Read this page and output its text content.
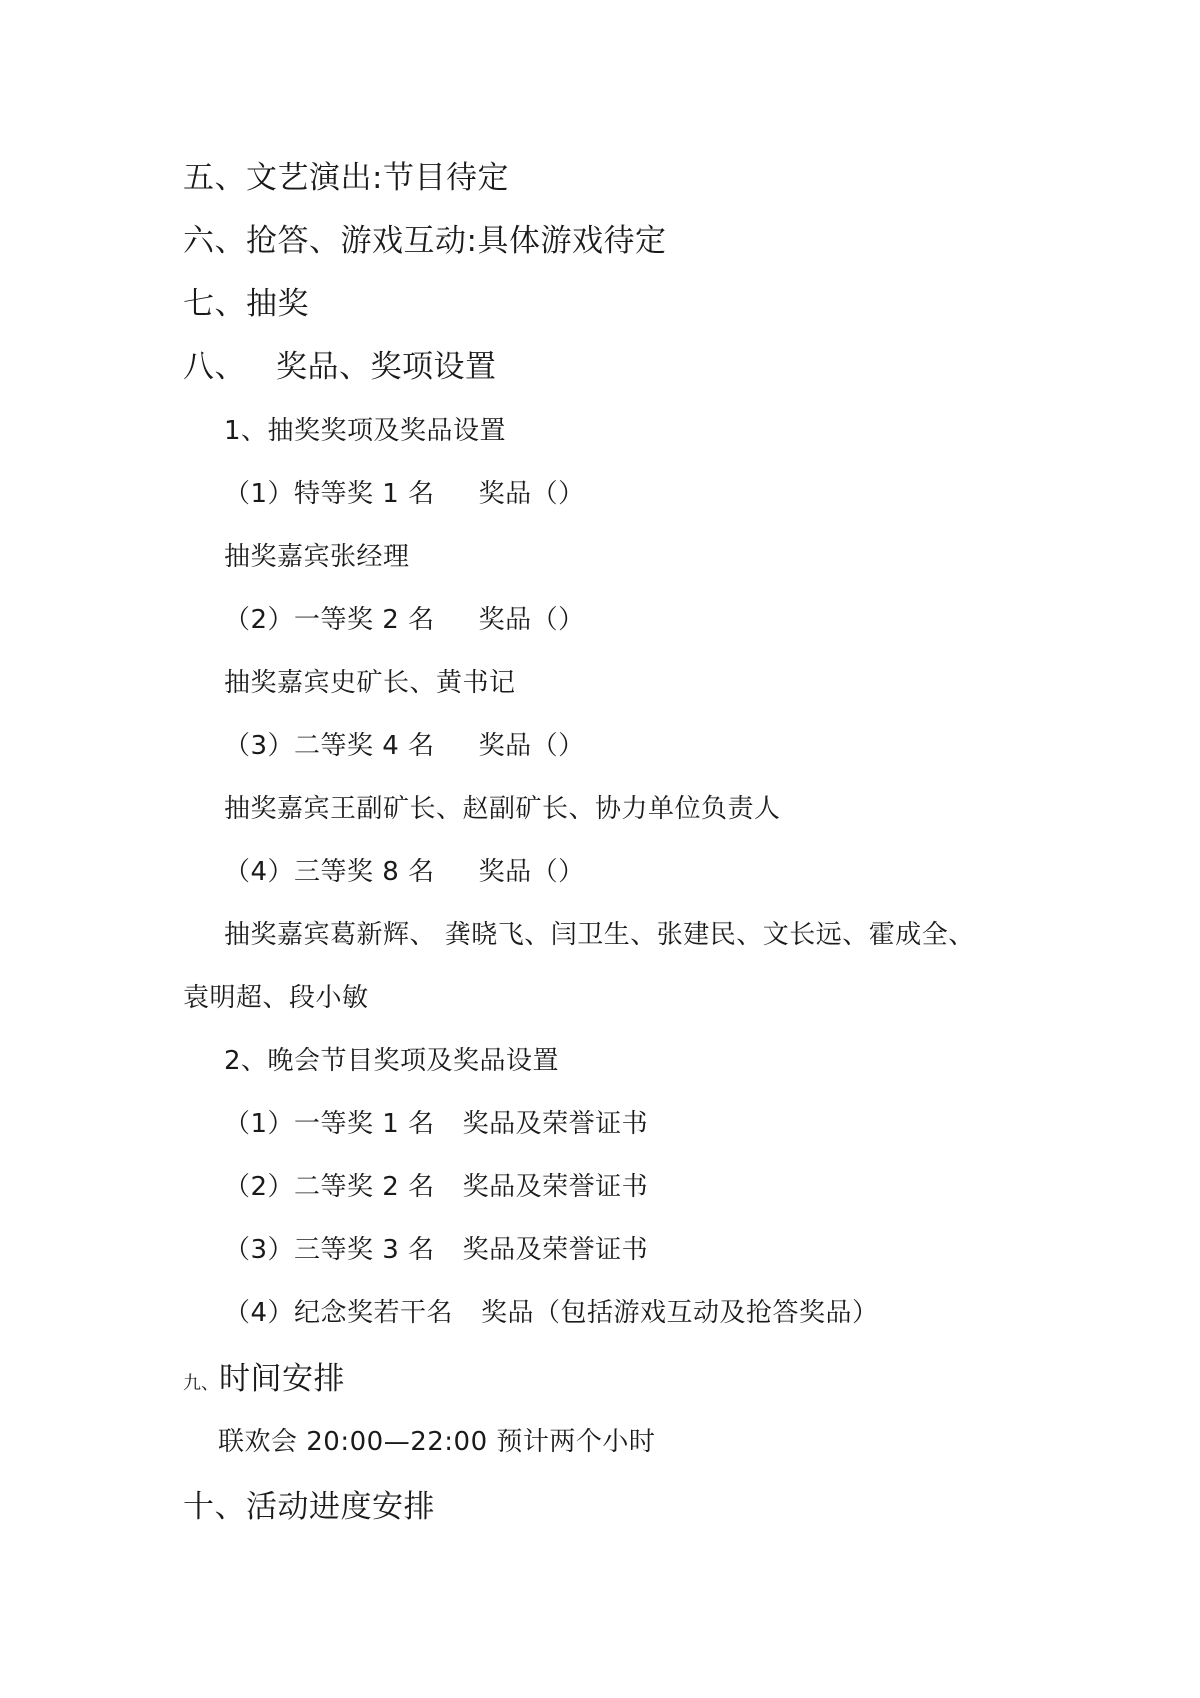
五、文艺演出:节目待定
六、抢答、游戏互动:具体游戏待定
七、抽奖
八、 奖品、奖项设置
1、抽奖奖项及奖品设置
（1）特等奖 1 名 奖品（）
抽奖嘉宾张经理
（2）一等奖 2 名 奖品（）
抽奖嘉宾史矿长、黄书记
（3）二等奖 4 名 奖品（）
抽奖嘉宾王副矿长、赵副矿长、协力单位负责人
（4）三等奖 8 名 奖品（）
抽奖嘉宾葛新辉、 龚晓飞、闫卫生、张建民、文长远、霍成全、
袁明超、段小敏
2、晚会节目奖项及奖品设置
（1）一等奖 1 名 奖品及荣誉证书
（2）二等奖 2 名 奖品及荣誉证书
（3）三等奖 3 名 奖品及荣誉证书
（4）纪念奖若干名 奖品（包括游戏互动及抢答奖品）
九、时间安排
联欢会 20:00—22:00 预计两个小时
十、活动进度安排
